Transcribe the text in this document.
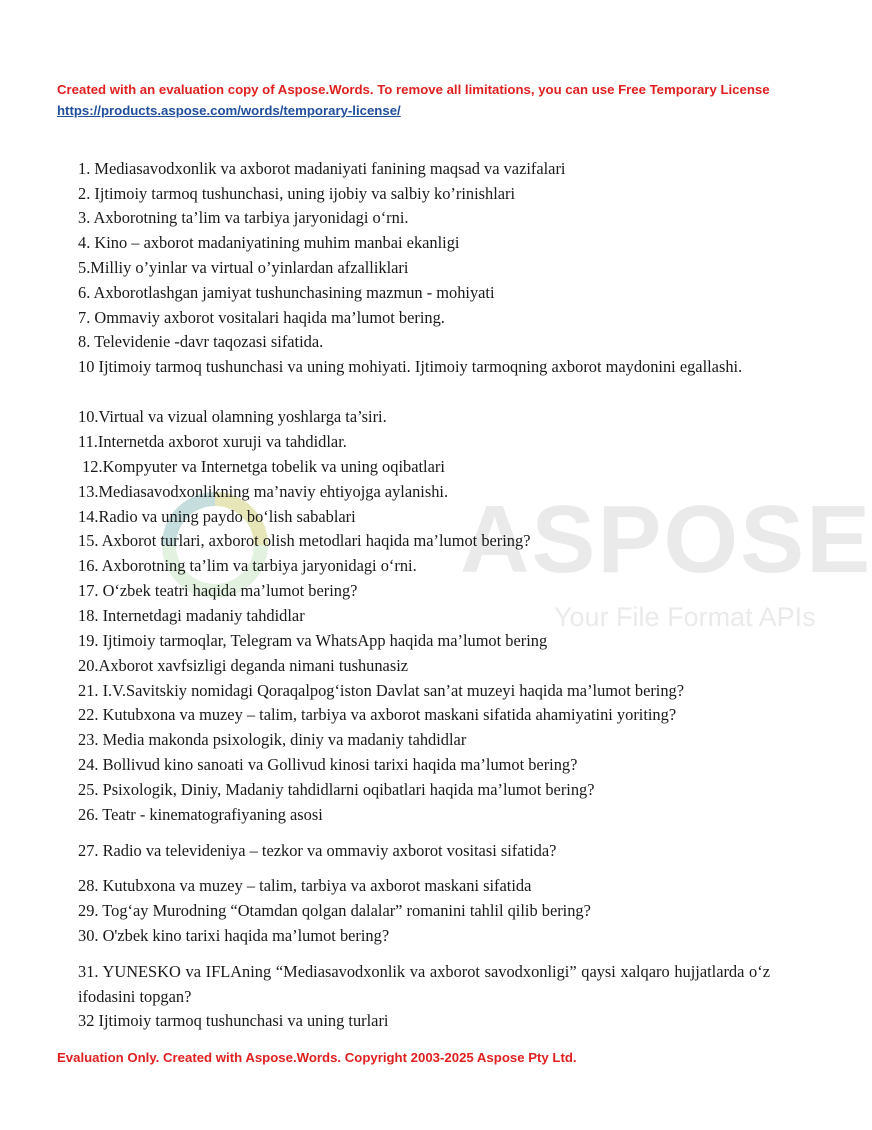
Created with an evaluation copy of Aspose.Words. To remove all limitations, you can use Free Temporary License https://products.aspose.com/words/temporary-license/
ASPOSE
Your File Format APIs
1. Mediasavodxonlik va axborot madaniyati fanining maqsad va vazifalari
2. Ijtimoiy tarmoq tushunchasi, uning ijobiy va salbiy ko’rinishlari
3. Axborotning ta’lim va tarbiya jaryonidagi o‘rni.
4. Kino – axborot madaniyatining muhim manbai ekanligi
5.Milliy o’yinlar va virtual o’yinlardan afzalliklari
6. Axborotlashgan jamiyat tushunchasining mazmun - mohiyati
7. Ommaviy axborot vositalari haqida ma’lumot bering.
8. Televidenie -davr taqozasi sifatida.
10 Ijtimoiy tarmoq tushunchasi va uning mohiyati. Ijtimoiy tarmoqning axborot maydonini egallashi.
10.Virtual va vizual olamning yoshlarga ta’siri.
11.Internetda axborot xuruji va tahdidlar.
12.Kompyuter va Internetga tobelik va uning oqibatlari
13.Mediasavodxonlikning ma’naviy ehtiyojga aylanishi.
14.Radio va uning paydo bo‘lish sabablari
15. Axborot turlari, axborot olish metodlari haqida ma’lumot bering?
16. Axborotning ta’lim va tarbiya jaryonidagi o‘rni.
17. O‘zbek teatri haqida ma’lumot bering?
18. Internetdagi madaniy tahdidlar
19. Ijtimoiy tarmoqlar, Telegram va WhatsApp haqida ma’lumot bering
20.Axborot xavfsizligi deganda nimani tushunasiz
21. I.V.Savitskiy nomidagi Qoraqalpog‘iston Davlat san’at muzeyi haqida ma’lumot bering?
22. Kutubxona va muzey – talim, tarbiya va axborot maskani sifatida ahamiyatini yoriting?
23. Media makonda psixologik, diniy va madaniy tahdidlar
24. Bollivud kino sanoati va Gollivud kinosi tarixi haqida ma’lumot bering?
25. Psixologik, Diniy, Madaniy tahdidlarni oqibatlari haqida ma’lumot bering?
26. Teatr - kinematografiyaning asosi
27. Radio va televideniya – tezkor va ommaviy axborot vositasi sifatida?
28. Kutubxona va muzey – talim, tarbiya va axborot maskani sifatida
29. Tog‘ay Murodning “Otamdan qolgan dalalar” romanini tahlil qilib bering?
30. O'zbek kino tarixi haqida ma’lumot bering?
31. YUNESKO va IFLAning “Mediasavodxonlik va axborot savodxonligi” qaysi xalqaro hujjatlarda o‘z ifodasini topgan?
32 Ijtimoiy tarmoq tushunchasi va uning turlari
Evaluation Only. Created with Aspose.Words. Copyright 2003-2025 Aspose Pty Ltd.
